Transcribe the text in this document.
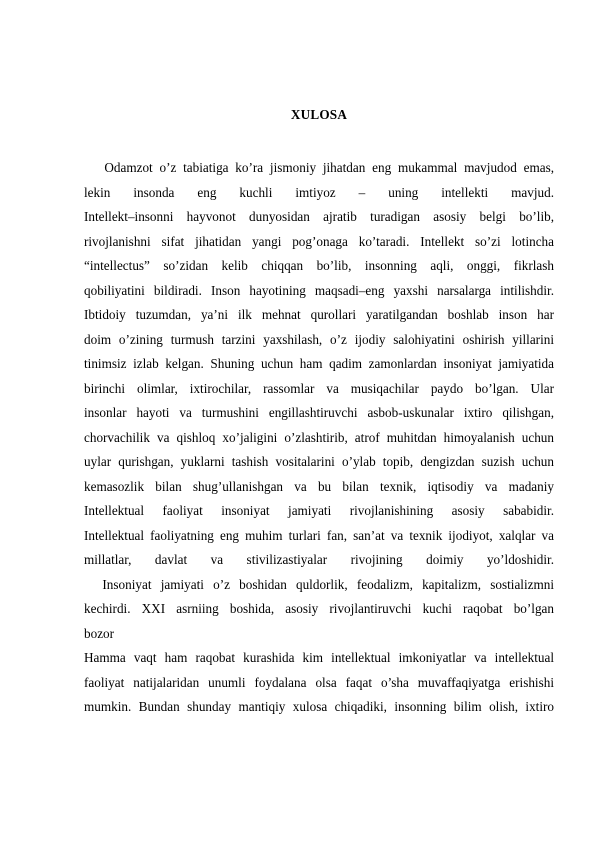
XULOSA
Odamzot o’z tabiatiga ko’ra jismoniy jihatdan eng mukammal mavjudod emas,
lekin insonda eng kuchli imtiyoz – uning intellekti mavjud.
Intellekt–insonni hayvonot dunyosidan ajratib turadigan asosiy belgi bo’lib,
rivojlanishni sifat jihatidan yangi pog’onaga ko’taradi. Intellekt so’zi lotincha
“intellectus” so’zidan kelib chiqqan bo’lib, insonning aqli, onggi, fikrlash
qobiliyatini bildiradi. Inson hayotining maqsadi–eng yaxshi narsalarga intilishdir.
Ibtidoiy tuzumdan, ya’ni ilk mehnat qurollari yaratilgandan boshlab inson har
doim o’zining turmush tarzini yaxshilash, o’z ijodiy salohiyatini oshirish yillarini
tinimsiz izlab kelgan. Shuning uchun ham qadim zamonlardan insoniyat jamiyatida
birinchi olimlar, ixtirochilar, rassomlar va musiqachilar paydo bo’lgan. Ular
insonlar hayoti va turmushini engillashtiruvchi asbob-uskunalar ixtiro qilishgan,
chorvachilik va qishloq xo’jaligini o’zlashtirib, atrof muhitdan himoyalanish uchun
uylar qurishgan, yuklarni tashish vositalarini o’ylab topib, dengizdan suzish uchun
kemasozlik bilan shug’ullanishgan va bu bilan texnik, iqtisodiy va madaniy
Intellektual faoliyat insoniyat jamiyati rivojlanishining asosiy sababidir.
Intellektual faoliyatning eng muhim turlari fan, san’at va texnik ijodiyot, xalqlar va
millatlar, davlat va stivilizastiyalar rivojining doimiy yo’ldoshidir.
Insoniyat jamiyati o’z boshidan quldorlik, feodalizm, kapitalizm, sostializmni
kechirdi. XXI asrniing boshida, asosiy rivojlantiruvchi kuchi raqobat bo’lgan
bozor
Hamma vaqt ham raqobat kurashida kim intellektual imkoniyatlar va intellektual
faoliyat natijalaridan unumli foydalana olsa faqat o’sha muvaffaqiyatga erishishi
mumkin. Bundan shunday mantiqiy xulosa chiqadiki, insonning bilim olish, ixtiro
